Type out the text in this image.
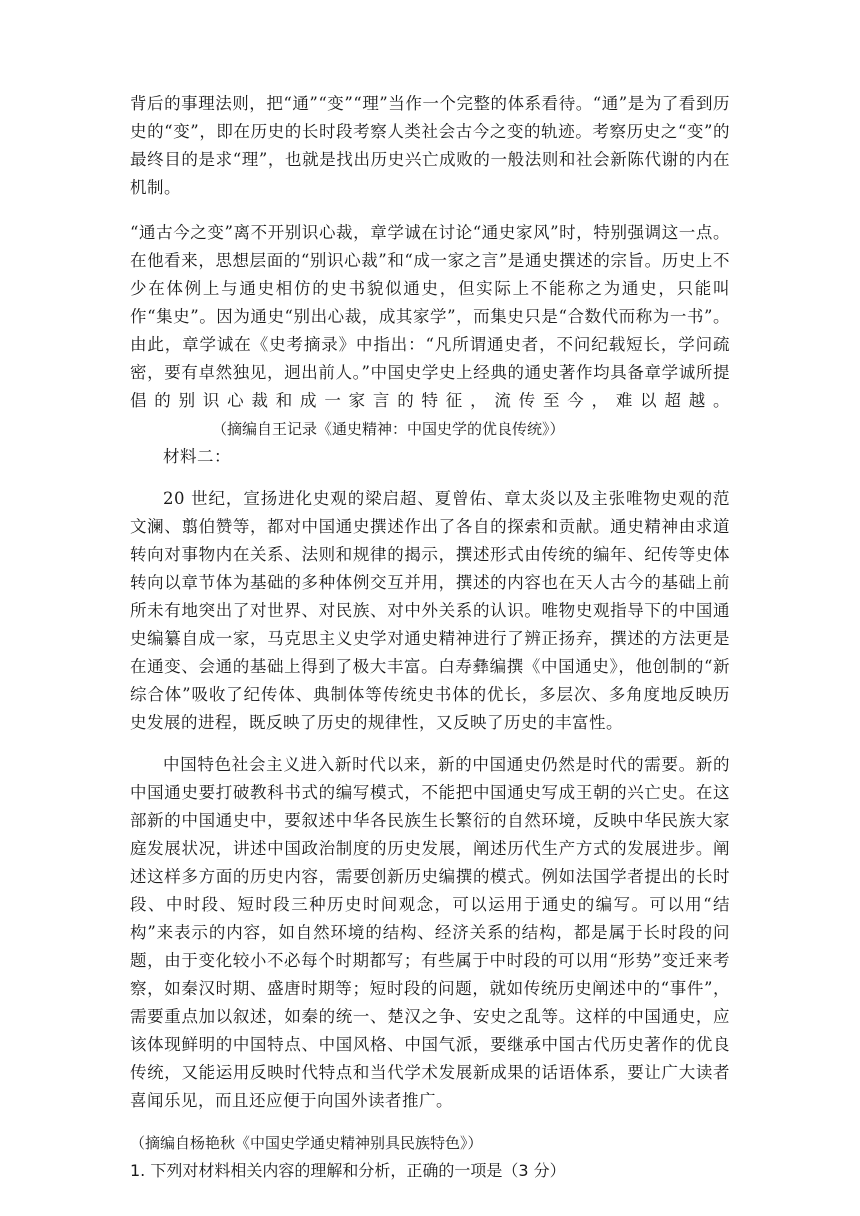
背后的事理法则，把“通”“变”“理”当作一个完整的体系看待。“通”是为了看到历史的“变”，即在历史的长时段考察人类社会古今之变的轨迹。考察历史之“变”的最终目的是求“理”，也就是找出历史兴亡成败的一般法则和社会新陈代谢的内在机制。

“通古今之变”离不开别识心裁，章学诚在讨论“通史家风”时，特别强调这一点。在他看来，思想层面的“别识心裁”和“成一家之言”是通史撰述的宗旨。历史上不少在体例上与通史相仿的史书貌似通史，但实际上不能称之为通史，只能叫作“集史”。因为通史“别出心裁，成其家学”，而集史只是“合数代而称为一书”。由此，章学诚在《史考摘录》中指出：“凡所谓通史者，不问纪载短长，学问疏密，要有卓然独见，迥出前人。”中国史学史上经典的通史著作均具备章学诚所提倡的别识心裁和成一家言的特征，流传至今，难以超越。（摘编自王记录《通史精神：中国史学的优良传统》）

材料二：

20 世纪，宣扬进化史观的梁启超、夏曾佑、章太炎以及主张唯物史观的范文澜、翦伯赞等，都对中国通史撰述作出了各自的探索和贡献。通史精神由求道转向对事物内在关系、法则和规律的揭示，撰述形式由传统的编年、纪传等史体转向以章节体为基础的多种体例交互并用，撰述的内容也在天人古今的基础上前所未有地突出了对世界、对民族、对中外关系的认识。唯物史观指导下的中国通史编纂自成一家，马克思主义史学对通史精神进行了辨正扬弃，撰述的方法更是在通变、会通的基础上得到了极大丰富。白寿彝编撰《中国通史》，他创制的“新综合体”吸收了纪传体、典制体等传统史书体的优长，多层次、多角度地反映历史发展的进程，既反映了历史的规律性，又反映了历史的丰富性。

中国特色社会主义进入新时代以来，新的中国通史仍然是时代的需要。新的中国通史要打破教科书式的编写模式，不能把中国通史写成王朝的兴亡史。在这部新的中国通史中，要叙述中华各民族生长繁衍的自然环境，反映中华民族大家庭发展状况，讲述中国政治制度的历史发展，阐述历代生产方式的发展进步。阐述这样多方面的历史内容，需要创新历史编撰的模式。例如法国学者提出的长时段、中时段、短时段三种历史时间观念，可以运用于通史的编写。可以用“结构”来表示的内容，如自然环境的结构、经济关系的结构，都是属于长时段的问题，由于变化较小不必每个时期都写；有些属于中时段的可以用“形势”变迁来考察，如秦汉时期、盛唐时期等；短时段的问题，就如传统历史阐述中的“事件”，需要重点加以叙述，如秦的统一、楚汉之争、安史之乱等。这样的中国通史，应该体现鲜明的中国特点、中国风格、中国气派，要继承中国古代历史著作的优良传统，又能运用反映时代特点和当代学术发展新成果的话语体系，要让广大读者喜闻乐见，而且还应便于向国外读者推广。

（摘编自杨艳秋《中国史学通史精神别具民族特色》）

1. 下列对材料相关内容的理解和分析，正确的一项是（3 分）
